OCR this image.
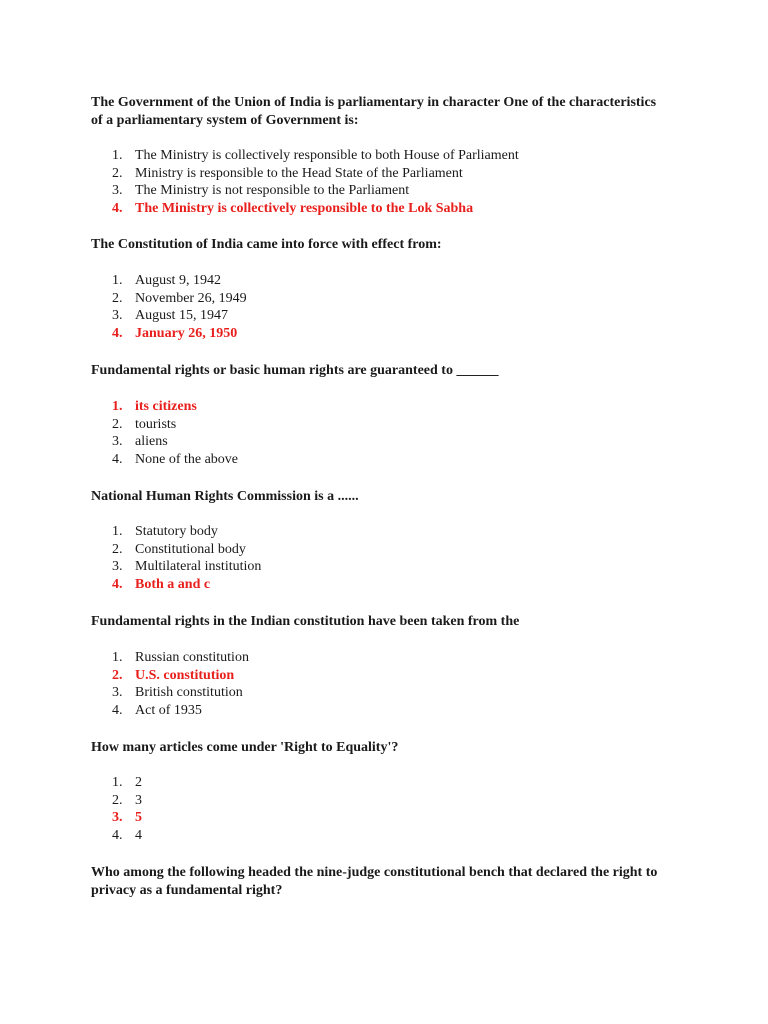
The Government of the Union of India is parliamentary in character One of the characteristics of a parliamentary system of Government is:
1. The Ministry is collectively responsible to both House of Parliament
2. Ministry is responsible to the Head State of the Parliament
3. The Ministry is not responsible to the Parliament
4. The Ministry is collectively responsible to the Lok Sabha
The Constitution of India came into force with effect from:
1. August 9, 1942
2. November 26, 1949
3. August 15, 1947
4. January 26, 1950
Fundamental rights or basic human rights are guaranteed to ______
1. its citizens
2. tourists
3. aliens
4. None of the above
National Human Rights Commission is a ......
1. Statutory body
2. Constitutional body
3. Multilateral institution
4. Both a and c
Fundamental rights in the Indian constitution have been taken from the
1. Russian constitution
2. U.S. constitution
3. British constitution
4. Act of 1935
How many articles come under 'Right to Equality'?
1. 2
2. 3
3. 5
4. 4
Who among the following headed the nine-judge constitutional bench that declared the right to privacy as a fundamental right?
